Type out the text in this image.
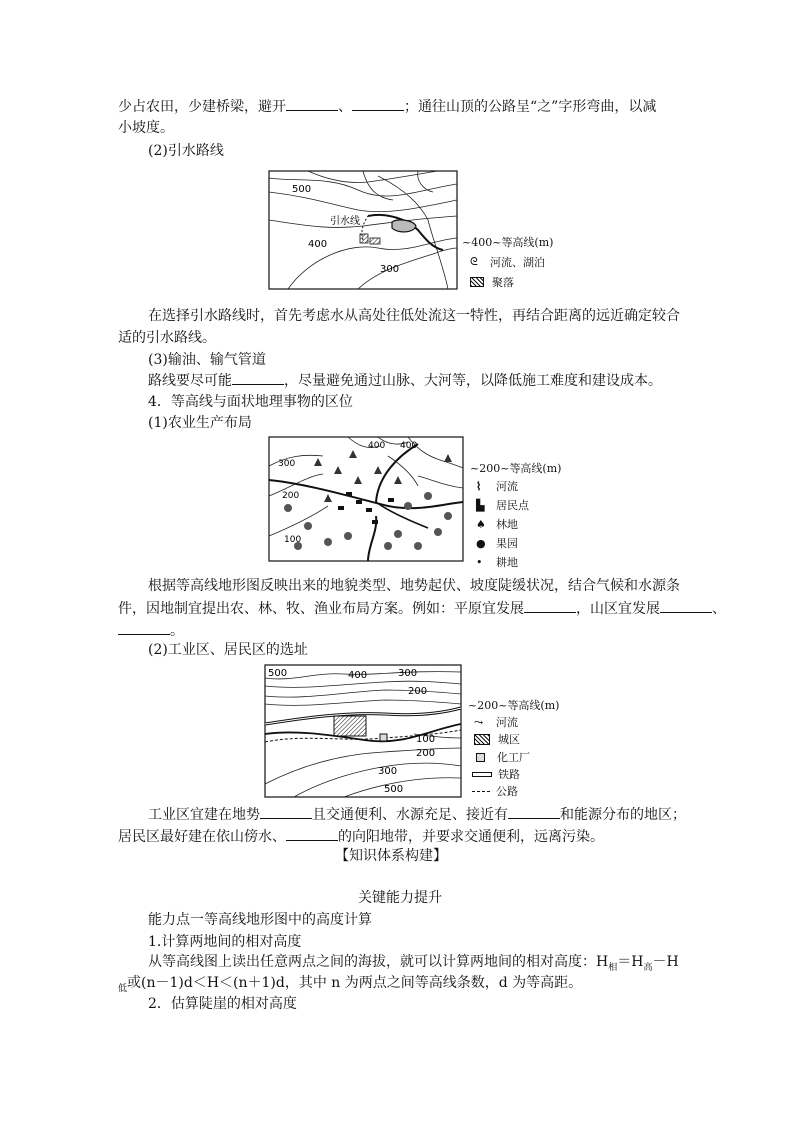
少占农田，少建桥梁，避开	、	；通往山顶的公路呈“之”字形弯曲，以减
小坡度。
(2)引水路线
500
400
300
引水线
~ 400 ~ 等高线(m)
ᘓ	河流、湖泊
聚落
在选择引水路线时，首先考虑水从高处往低处流这一特性，再结合距离的远近确定较合
适的引水路线。
(3)输油、输气管道
路线要尽可能	，尽量避免通过山脉、大河等，以降低施工难度和建设成本。
4．等高线与面状地理事物的区位
(1)农业生产布局
300
200
100
400 400
~ 200 ~ 等高线(m)
⌇	河流
▙	居民点
♠ 林地
● 果园
•	耕地
根据等高线地形图反映出来的地貌类型、地势起伏、坡度陡缓状况，结合气候和水源条
件，因地制宜提出农、林、牧、渔业布局方案。例如：平原宜发展	，山区宜发展	、
。
(2)工业区、居民区的选址
500	400	300
200
100
200
300
500
~ 200 ~ 等高线(m)
⤳	河流
城区
化工厂
铁路
公路
工业区宜建在地势	且交通便利、水源充足、接近有	和能源分布的地区；
居民区最好建在依山傍水、	的向阳地带，并要求交通便利，远离污染。
【知识体系构建】
关键能力提升
能力点一等高线地形图中的高度计算
1.计算两地间的相对高度
从等高线图上读出任意两点之间的海拔，就可以计算两地间的相对高度：$H_相=H_高-H$
$_低$或(n－1)d＜H＜(n＋1)d，其中 n 为两点之间等高线条数，d 为等高距。
2．估算陡崖的相对高度
